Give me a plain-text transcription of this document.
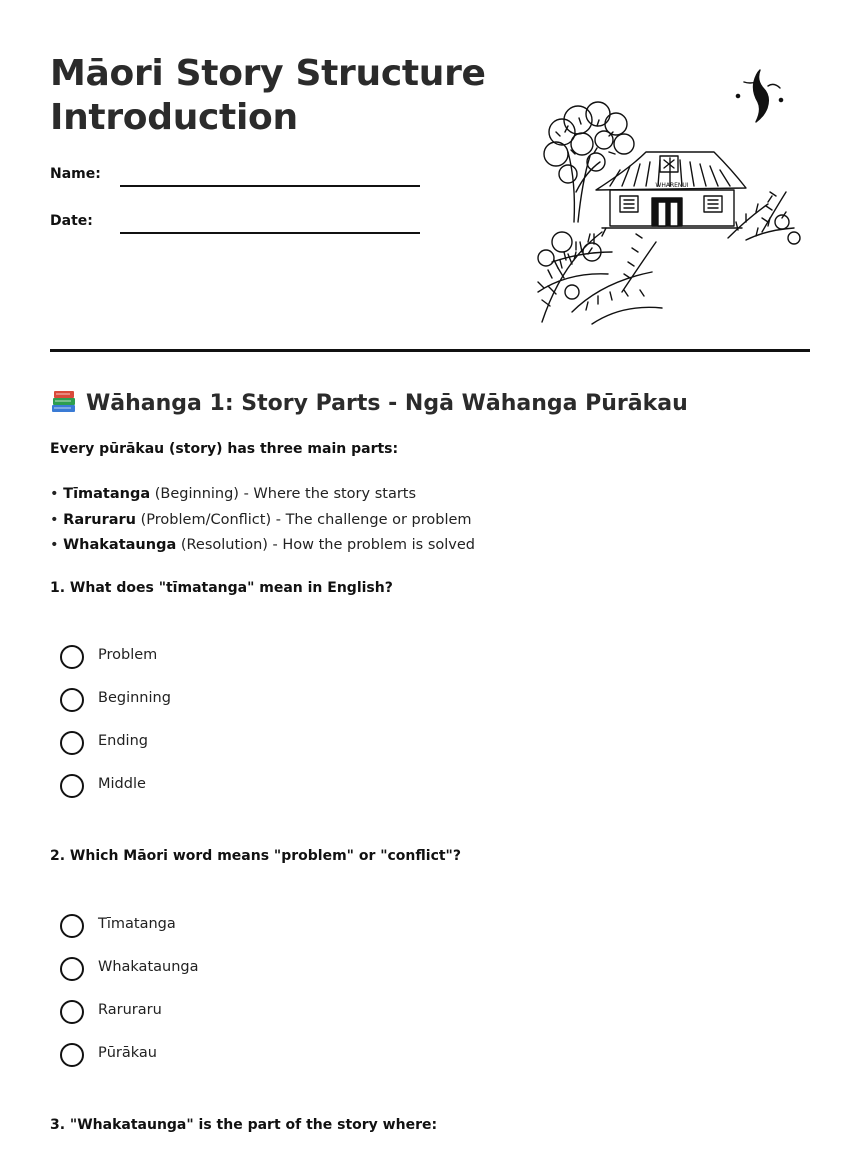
Māori Story Structure
Introduction
Name:
Date:
WHARENUI
Wāhanga 1: Story Parts - Ngā Wāhanga Pūrākau

Every pūrākau (story) has three main parts:

• Tīmatanga (Beginning) - Where the story starts
• Raruraru (Problem/Conflict) - The challenge or problem
• Whakataunga (Resolution) - How the problem is solved

1. What does "tīmatanga" mean in English?

Problem
Beginning
Ending
Middle

2. Which Māori word means "problem" or "conflict"?

Tīmatanga
Whakataunga
Raruraru
Pūrākau

3. "Whakataunga" is the part of the story where:
